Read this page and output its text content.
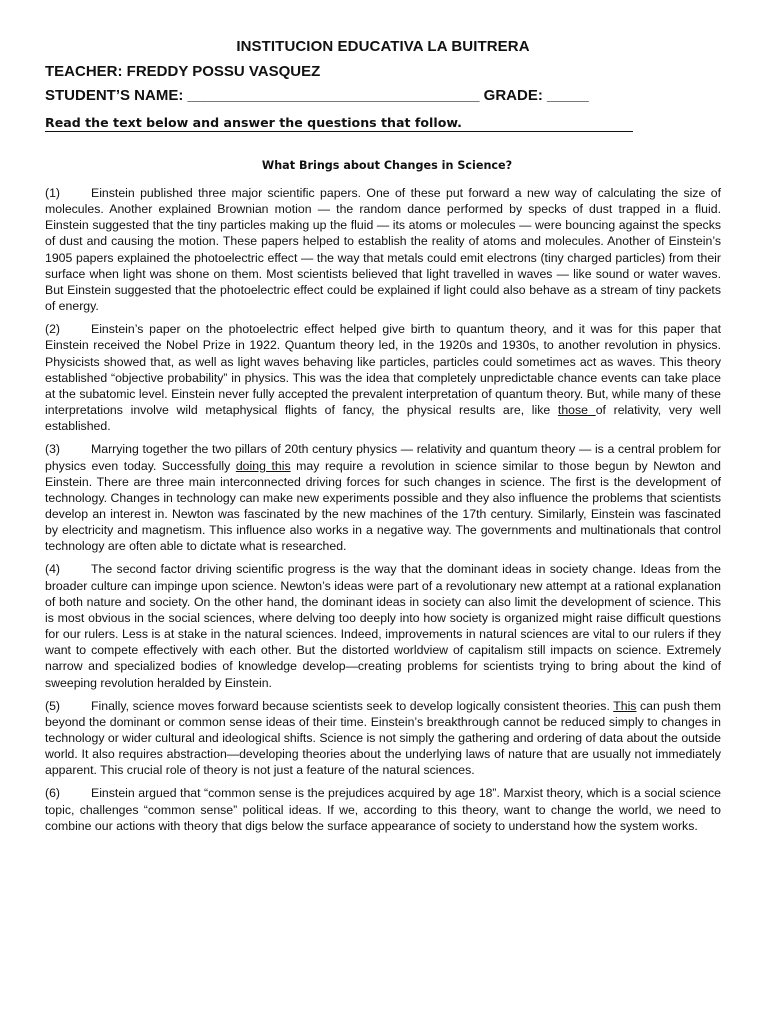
INSTITUCION EDUCATIVA LA BUITRERA
TEACHER: FREDDY POSSU VASQUEZ
STUDENT’S NAME: ___________________________________ GRADE: _____
Read the text below and answer the questions that follow.
What Brings about Changes in Science?

(1)	Einstein published three major scientific papers. One of these put forward a new way of calculating the size of molecules. Another explained Brownian motion — the random dance performed by specks of dust trapped in a fluid. Einstein suggested that the tiny particles making up the fluid — its atoms or molecules — were bouncing against the specks of dust and causing the motion. These papers helped to establish the reality of atoms and molecules. Another of Einstein’s 1905 papers explained the photoelectric effect — the way that metals could emit electrons (tiny charged particles) from their surface when light was shone on them. Most scientists believed that light travelled in waves — like sound or water waves. But Einstein suggested that the photoelectric effect could be explained if light could also behave as a stream of tiny packets of energy.

(2)	Einstein’s paper on the photoelectric effect helped give birth to quantum theory, and it was for this paper that Einstein received the Nobel Prize in 1922. Quantum theory led, in the 1920s and 1930s, to another revolution in physics. Physicists showed that, as well as light waves behaving like particles, particles could sometimes act as waves. This theory established “objective probability” in physics. This was the idea that completely unpredictable chance events can take place at the subatomic level. Einstein never fully accepted the prevalent interpretation of quantum theory. But, while many of these interpretations involve wild metaphysical flights of fancy, the physical results are, like those of relativity, very well established.

(3)	Marrying together the two pillars of 20th century physics — relativity and quantum theory — is a central problem for physics even today. Successfully doing this may require a revolution in science similar to those begun by Newton and Einstein. There are three main interconnected driving forces for such changes in science. The first is the development of technology. Changes in technology can make new experiments possible and they also influence the problems that scientists develop an interest in. Newton was fascinated by the new machines of the 17th century. Similarly, Einstein was fascinated by electricity and magnetism. This influence also works in a negative way. The governments and multinationals that control technology are often able to dictate what is researched.

(4)	The second factor driving scientific progress is the way that the dominant ideas in society change. Ideas from the broader culture can impinge upon science. Newton’s ideas were part of a revolutionary new attempt at a rational explanation of both nature and society. On the other hand, the dominant ideas in society can also limit the development of science. This is most obvious in the social sciences, where delving too deeply into how society is organized might raise difficult questions for our rulers. Less is at stake in the natural sciences. Indeed, improvements in natural sciences are vital to our rulers if they want to compete effectively with each other. But the distorted worldview of capitalism still impacts on science. Extremely narrow and specialized bodies of knowledge develop—creating problems for scientists trying to bring about the kind of sweeping revolution heralded by Einstein.

(5)	Finally, science moves forward because scientists seek to develop logically consistent theories. This can push them beyond the dominant or common sense ideas of their time. Einstein’s breakthrough cannot be reduced simply to changes in technology or wider cultural and ideological shifts. Science is not simply the gathering and ordering of data about the outside world. It also requires abstraction—developing theories about the underlying laws of nature that are usually not immediately apparent. This crucial role of theory is not just a feature of the natural sciences.

(6)	Einstein argued that “common sense is the prejudices acquired by age 18”. Marxist theory, which is a social science topic, challenges “common sense” political ideas. If we, according to this theory, want to change the world, we need to combine our actions with theory that digs below the surface appearance of society to understand how the system works.
